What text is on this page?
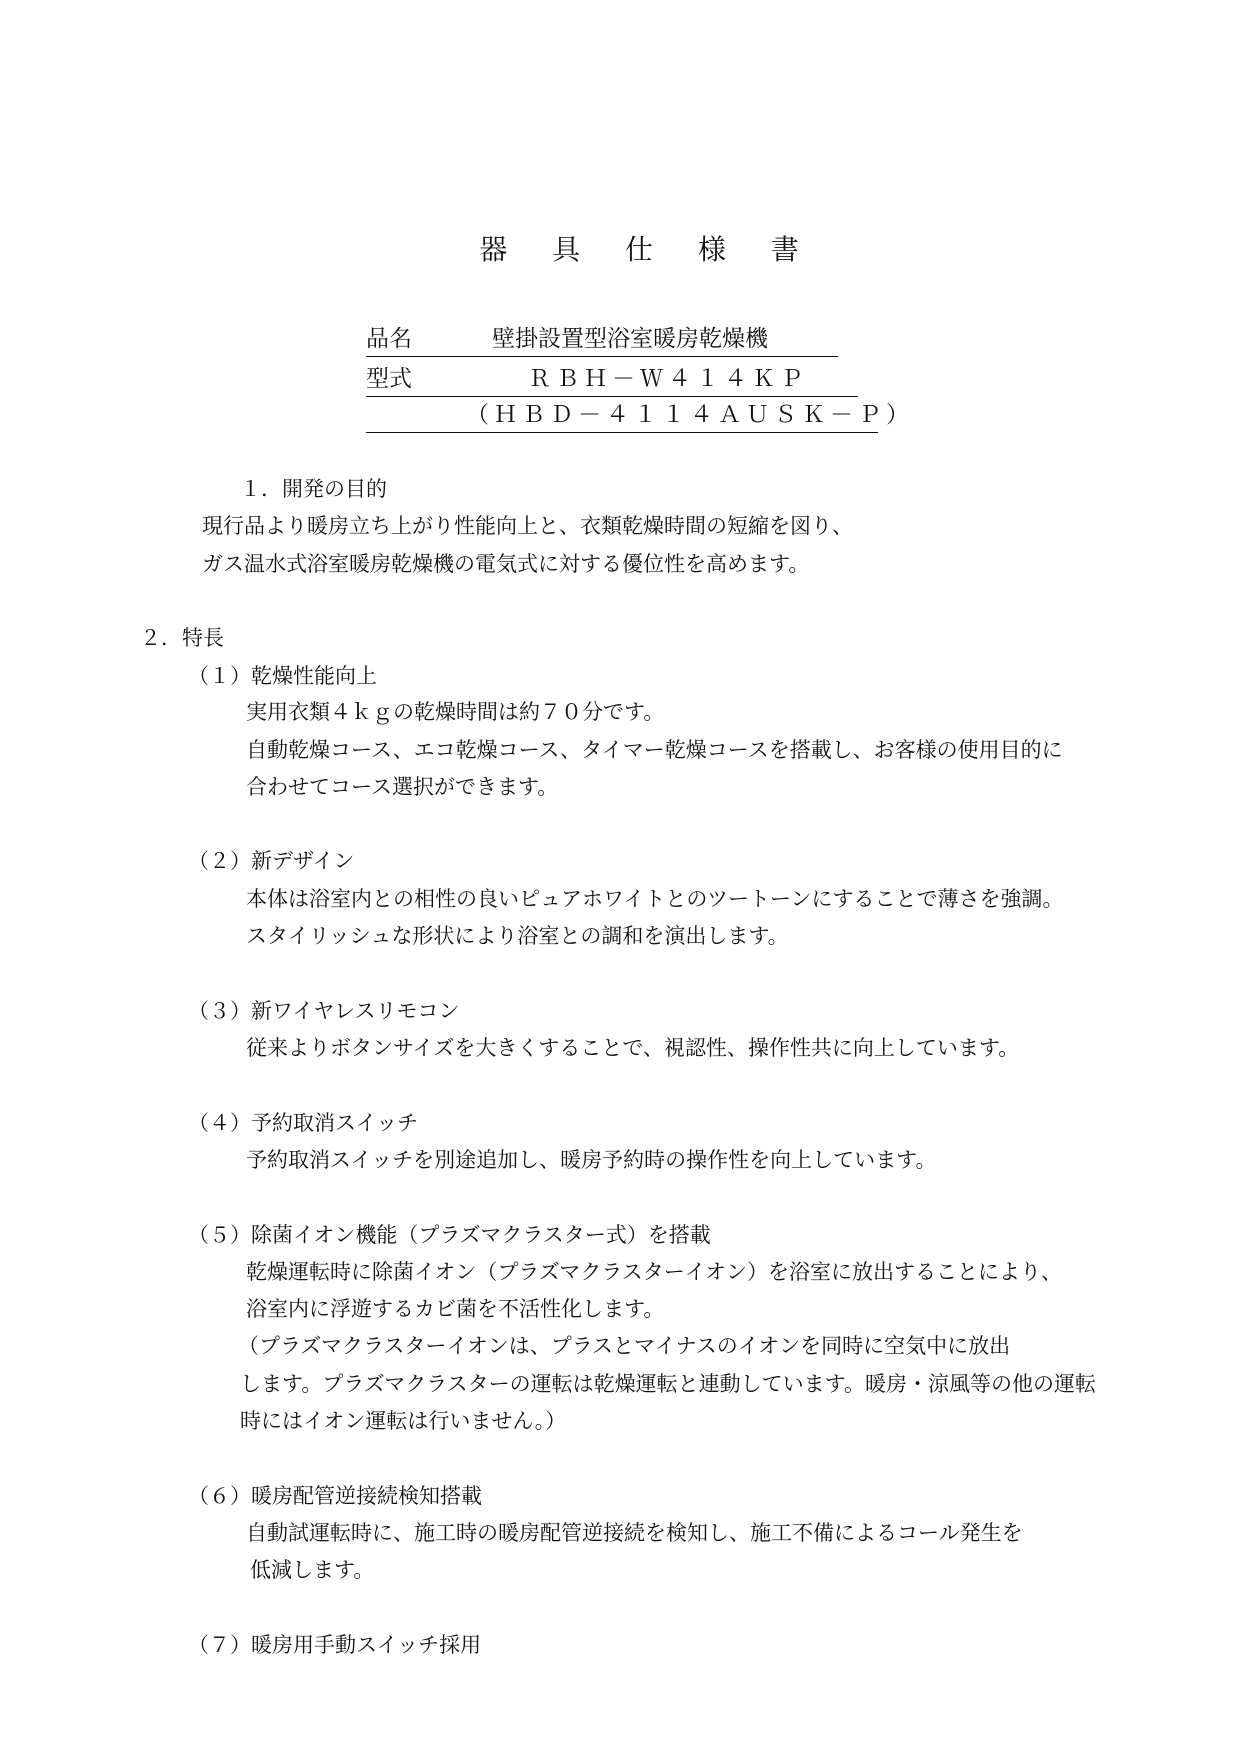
器 具 仕 様 書
品名	壁掛設置型浴室暖房乾燥機
型式	ＲＢＨ－Ｗ４１４ＫＰ
（ＨＢＤ－４１１４ＡＵＳＫ－Ｐ）
１．開発の目的
現行品より暖房立ち上がり性能向上と、衣類乾燥時間の短縮を図り、
ガス温水式浴室暖房乾燥機の電気式に対する優位性を高めます。
２．特長
（１）乾燥性能向上
実用衣類４ｋｇの乾燥時間は約７０分です。
自動乾燥コース、エコ乾燥コース、タイマー乾燥コースを搭載し、お客様の使用目的に
合わせてコース選択ができます。
（２）新デザイン
本体は浴室内との相性の良いピュアホワイトとのツートーンにすることで薄さを強調。
スタイリッシュな形状により浴室との調和を演出します。
（３）新ワイヤレスリモコン
従来よりボタンサイズを大きくすることで、視認性、操作性共に向上しています。
（４）予約取消スイッチ
予約取消スイッチを別途追加し、暖房予約時の操作性を向上しています。
（５）除菌イオン機能（プラズマクラスター式）を搭載
乾燥運転時に除菌イオン（プラズマクラスターイオン）を浴室に放出することにより、
浴室内に浮遊するカビ菌を不活性化します。
（プラズマクラスターイオンは、プラスとマイナスのイオンを同時に空気中に放出
します。プラズマクラスターの運転は乾燥運転と連動しています。暖房・涼風等の他の運転
時にはイオン運転は行いません。）
（６）暖房配管逆接続検知搭載
自動試運転時に、施工時の暖房配管逆接続を検知し、施工不備によるコール発生を
低減します。
（７）暖房用手動スイッチ採用
